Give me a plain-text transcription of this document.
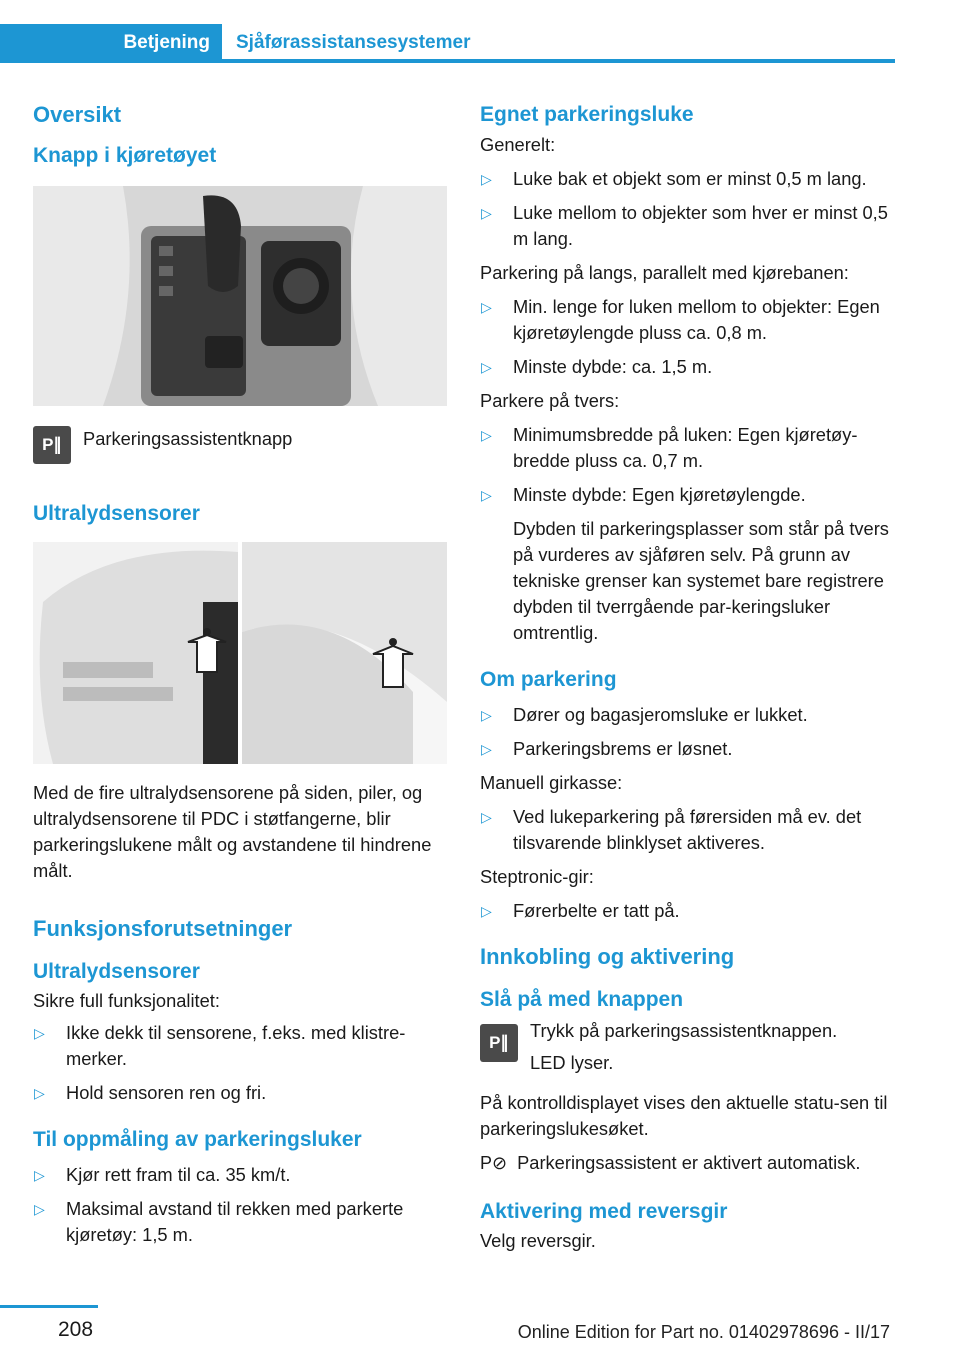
Betjening	Sjåførassistansesystemer
Oversikt
Knapp i kjøretøyet
P∥	Parkeringsassistentknapp

Ultralydsensorer

Med de fire ultralydsensorene på siden, piler, og ultralydsensorene til PDC i støtfangerne, blir parkeringslukene målt og avstandene til hindrene målt.

Funksjonsforutsetninger
Ultralydsensorer

Sikre full funksjonalitet:

▷ Ikke dekk til sensorene, f.eks. med klistre-merker.
▷ Hold sensoren ren og fri.
Til oppmåling av parkeringsluker
▷ Kjør rett fram til ca. 35 km/t.
▷ Maksimal avstand til rekken med parkerte kjøretøy: 1,5 m.
Egnet parkeringsluke

Generelt:

▷ Luke bak et objekt som er minst 0,5 m lang.
▷ Luke mellom to objekter som hver er minst 0,5 m lang.

Parkering på langs, parallelt med kjørebanen:

▷ Min. lenge for luken mellom to objekter: Egen kjøretøylengde pluss ca. 0,8 m.
▷ Minste dybde: ca. 1,5 m.

Parkere på tvers:

▷ Minimumsbredde på luken: Egen kjøretøy-bredde pluss ca. 0,7 m.
▷ Minste dybde: Egen kjøretøylengde.

Dybden til parkeringsplasser som står på tvers på vurderes av sjåføren selv. På grunn av tekniske grenser kan systemet bare registrere dybden til tverrgående par-keringsluker omtrentlig.

Om parkering
▷ Dører og bagasjeromsluke er lukket.
▷ Parkeringsbrems er løsnet.

Manuell girkasse:

▷ Ved lukeparkering på førersiden må ev. det tilsvarende blinklyset aktiveres.

Steptronic-gir:

▷ Førerbelte er tatt på.
Innkobling og aktivering
Slå på med knappen
P∥

Trykk på parkeringsassistentknappen.

LED lyser.

På kontrolldisplayet vises den aktuelle statu-sen til parkeringslukesøket.

P⊘ Parkeringsassistent er aktivert automatisk.

Aktivering med reversgir

Velg reversgir.

208	Online Edition for Part no. 01402978696 - II/17
